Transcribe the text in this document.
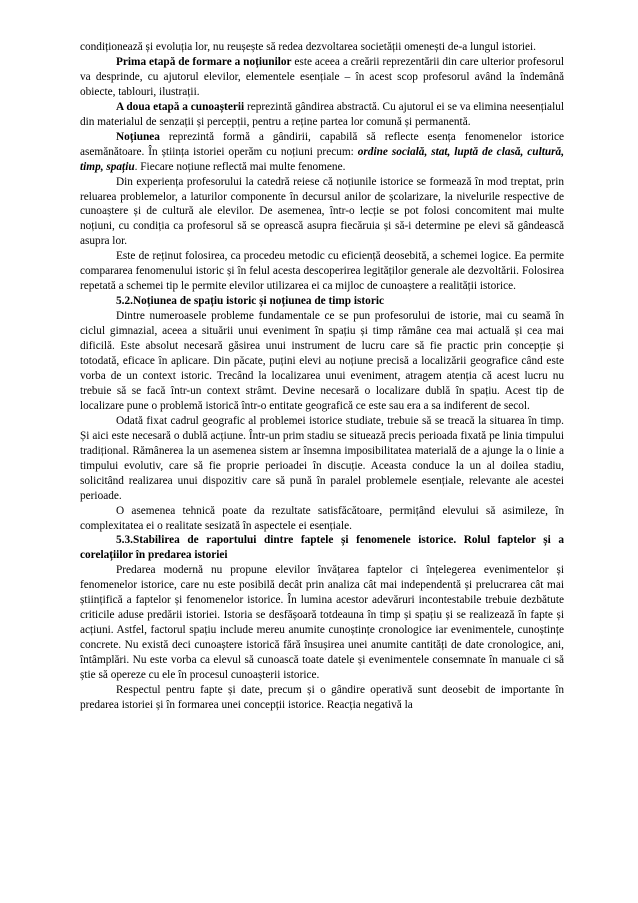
condiționează și evoluția lor, nu reușește să redea dezvoltarea societății omenești de-a lungul istoriei.

Prima etapă de formare a noțiunilor este aceea a creării reprezentării din care ulterior profesorul va desprinde, cu ajutorul elevilor, elementele esențiale – în acest scop profesorul având la îndemână obiecte, tablouri, ilustrații.

A doua etapă a cunoașterii reprezintă gândirea abstractă. Cu ajutorul ei se va elimina neesențialul din materialul de senzații și percepții, pentru a reține partea lor comună și permanentă.

Noțiunea reprezintă formă a gândirii, capabilă să reflecte esența fenomenelor istorice asemănătoare. În știința istoriei operăm cu noțiuni precum: ordine socială, stat, luptă de clasă, cultură, timp, spațiu. Fiecare noțiune reflectă mai multe fenomene.

Din experiența profesorului la catedră reiese că noțiunile istorice se formează în mod treptat, prin reluarea problemelor, a laturilor componente în decursul anilor de școlarizare, la nivelurile respective de cunoaștere și de cultură ale elevilor. De asemenea, într-o lecție se pot folosi concomitent mai multe noțiuni, cu condiția ca profesorul să se oprească asupra fiecăruia și să-i determine pe elevi să gândească asupra lor.

Este de reținut folosirea, ca procedeu metodic cu eficiență deosebită, a schemei logice. Ea permite compararea fenomenului istoric și în felul acesta descoperirea legităților generale ale dezvoltării. Folosirea repetată a schemei tip le permite elevilor utilizarea ei ca mijloc de cunoaștere a realității istorice.

5.2.Noțiunea de spațiu istoric și noțiunea de timp istoric

Dintre numeroasele probleme fundamentale ce se pun profesorului de istorie, mai cu seamă în ciclul gimnazial, aceea a situării unui eveniment în spațiu și timp rămâne cea mai actuală și cea mai dificilă. Este absolut necesară găsirea unui instrument de lucru care să fie practic prin concepție și totodată, eficace în aplicare. Din păcate, puțini elevi au noțiune precisă a localizării geografice când este vorba de un context istoric. Trecând la localizarea unui eveniment, atragem atenția că acest lucru nu trebuie să se facă într-un context strâmt. Devine necesară o localizare dublă în spațiu. Acest tip de localizare pune o problemă istorică într-o entitate geografică ce este sau era a sa indiferent de secol.

Odată fixat cadrul geografic al problemei istorice studiate, trebuie să se treacă la situarea în timp. Și aici este necesară o dublă acțiune. Într-un prim stadiu se situează precis perioada fixată pe linia timpului tradițional. Rămânerea la un asemenea sistem ar însemna imposibilitatea materială de a ajunge la o linie a timpului evolutiv, care să fie proprie perioadei în discuție. Aceasta conduce la un al doilea stadiu, solicitând realizarea unui dispozitiv care să pună în paralel problemele esențiale, relevante ale acestei perioade.

O asemenea tehnică poate da rezultate satisfăcătoare, permițând elevului să asimileze, în complexitatea ei o realitate sesizată în aspectele ei esențiale.

5.3.Stabilirea de raportului dintre faptele și fenomenele istorice. Rolul faptelor și a corelațiilor în predarea istoriei

Predarea modernă nu propune elevilor învățarea faptelor ci înțelegerea evenimentelor și fenomenelor istorice, care nu este posibilă decât prin analiza cât mai independentă și prelucrarea cât mai științifică a faptelor și fenomenelor istorice. În lumina acestor adevăruri incontestabile trebuie dezbătute criticile aduse predării istoriei. Istoria se desfășoară totdeauna în timp și spațiu și se realizează în fapte și acțiuni. Astfel, factorul spațiu include mereu anumite cunoștințe cronologice iar evenimentele, cunoștințe concrete. Nu există deci cunoaștere istorică fără însușirea unei anumite cantități de date cronologice, ani, întâmplări. Nu este vorba ca elevul să cunoască toate datele și evenimentele consemnate în manuale ci să știe să opereze cu ele în procesul cunoașterii istorice.

Respectul pentru fapte și date, precum și o gândire operativă sunt deosebit de importante în predarea istoriei și în formarea unei concepții istorice. Reacția negativă la
